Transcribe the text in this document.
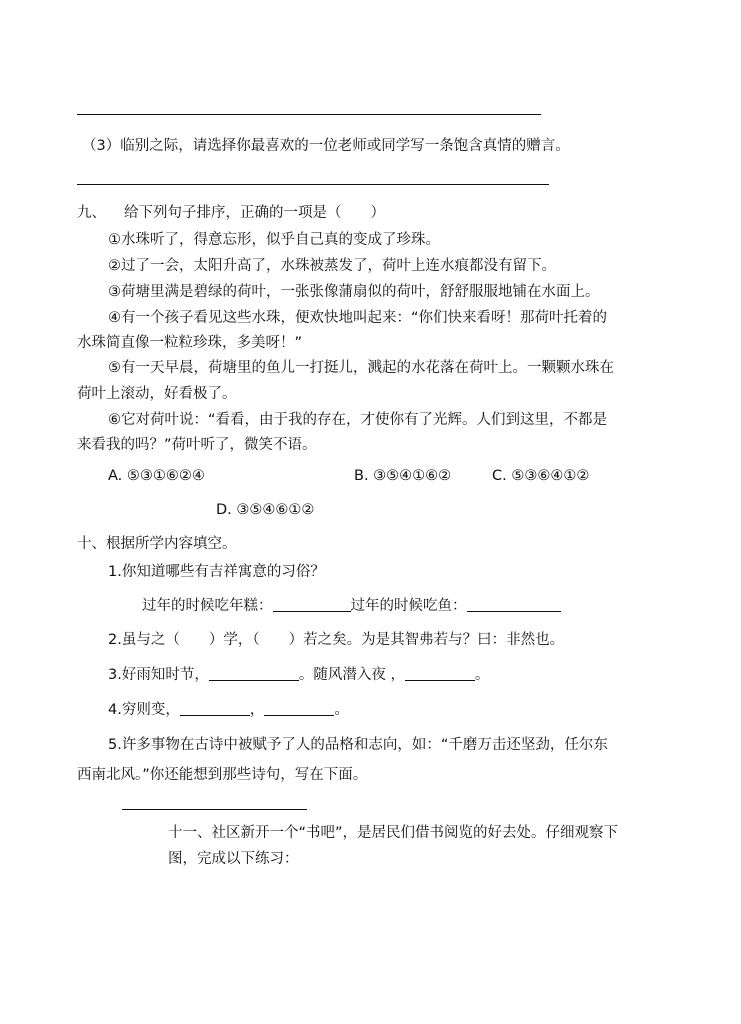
（3）临别之际，请选择你最喜欢的一位老师或同学写一条饱含真情的赠言。
九、 给下列句子排序，正确的一项是（　　）
①水珠听了，得意忘形，似乎自己真的变成了珍珠。
②过了一会，太阳升高了，水珠被蒸发了，荷叶上连水痕都没有留下。
③荷塘里满是碧绿的荷叶，一张张像蒲扇似的荷叶，舒舒服服地铺在水面上。
④有一个孩子看见这些水珠，便欢快地叫起来：“你们快来看呀！那荷叶托着的
水珠简直像一粒粒珍珠，多美呀！”
⑤有一天早晨，荷塘里的鱼儿一打挺儿，溅起的水花落在荷叶上。一颗颗水珠在
荷叶上滚动，好看极了。
⑥它对荷叶说：“看看，由于我的存在，才使你有了光辉。人们到这里，不都是
来看我的吗？”荷叶听了，微笑不语。
A. ⑤③①⑥②④	B. ③⑤④①⑥②	C. ⑤③⑥④①②
D. ③⑤④⑥①②
十、根据所学内容填空。
1.你知道哪些有吉祥寓意的习俗？
过年的时候吃年糕：	过年的时候吃鱼：
2.虽与之（　　）学，（　　）若之矣。为是其智弗若与？曰：非然也。
3.好雨知时节，	。随风潜入夜 ，	。
4.穷则变，	，	。
5.许多事物在古诗中被赋予了人的品格和志向，如：“千磨万击还坚劲，任尔东
西南北风。”你还能想到那些诗句，写在下面。
十一、社区新开一个“书吧”，是居民们借书阅览的好去处。仔细观察下
图，完成以下练习：
